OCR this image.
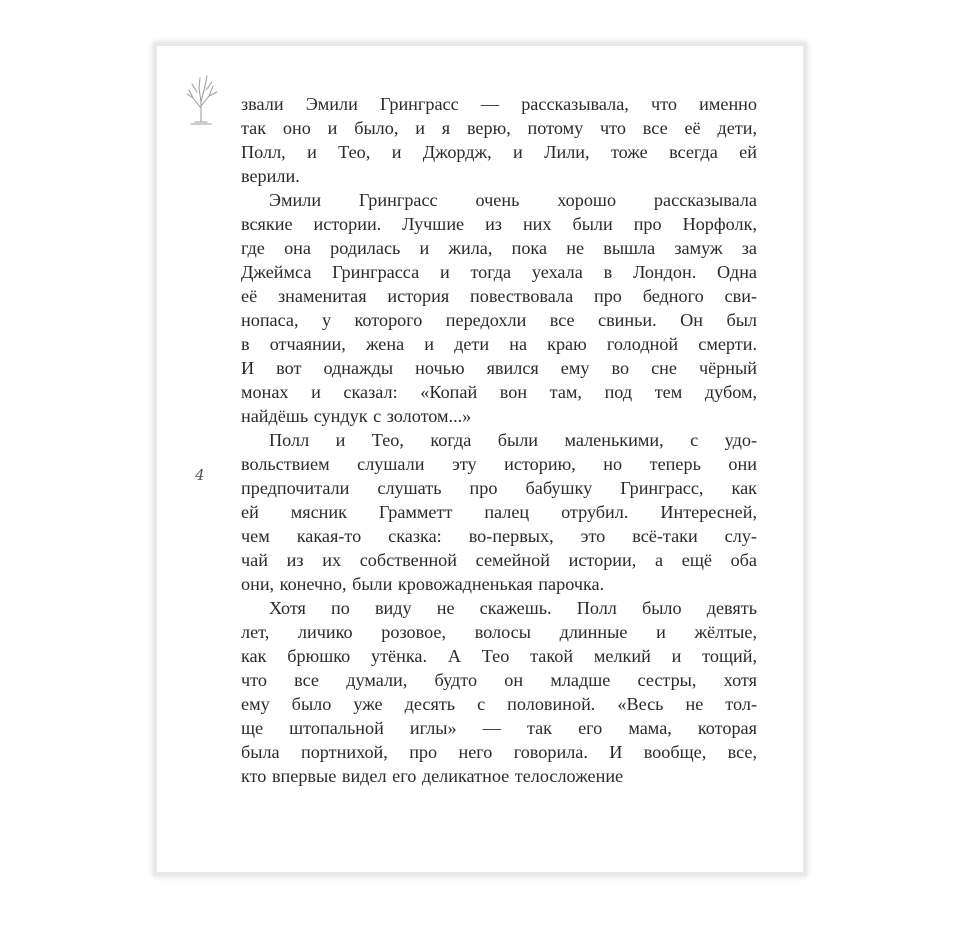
4
звали Эмили Гринграсс — рассказывала, что именно
так оно и было, и я верю, потому что все её дети,
Полл, и Тео, и Джордж, и Лили, тоже всегда ей
верили.
Эмили Гринграсс очень хорошо рассказывала
всякие истории. Лучшие из них были про Норфолк,
где она родилась и жила, пока не вышла замуж за
Джеймса Гринграсса и тогда уехала в Лондон. Одна
её знаменитая история повествовала про бедного сви-
нопаса, у которого передохли все свиньи. Он был
в отчаянии, жена и дети на краю голодной смерти.
И вот однажды ночью явился ему во сне чёрный
монах и сказал: «Копай вон там, под тем дубом,
найдёшь сундук с золотом...»
Полл и Тео, когда были маленькими, с удо-
вольствием слушали эту историю, но теперь они
предпочитали слушать про бабушку Гринграсс, как
ей мясник Грамметт палец отрубил. Интересней,
чем какая-то сказка: во-первых, это всё-таки слу-
чай из их собственной семейной истории, а ещё оба
они, конечно, были кровожадненькая парочка.
Хотя по виду не скажешь. Полл было девять
лет, личико розовое, волосы длинные и жёлтые,
как брюшко утёнка. А Тео такой мелкий и тощий,
что все думали, будто он младше сестры, хотя
ему было уже десять с половиной. «Весь не тол-
ще штопальной иглы» — так его мама, которая
была портнихой, про него говорила. И вообще, все,
кто впервые видел его деликатное телосложение
